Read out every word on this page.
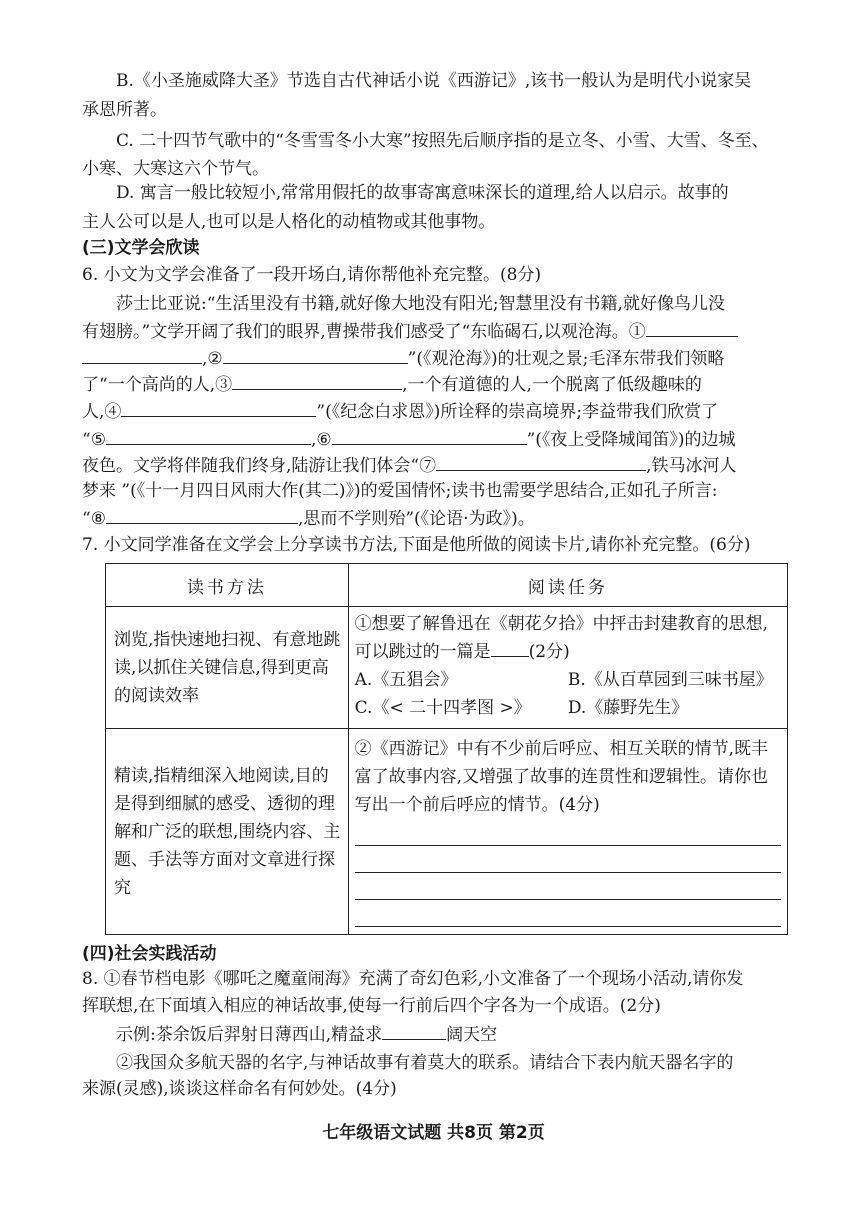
B.《小圣施威降大圣》节选自古代神话小说《西游记》,该书一般认为是明代小说家吴
承恩所著。
C. 二十四节气歌中的“冬雪雪冬小大寒”按照先后顺序指的是立冬、小雪、大雪、冬至、
小寒、大寒这六个节气。
D. 寓言一般比较短小,常常用假托的故事寄寓意味深长的道理,给人以启示。故事的
主人公可以是人,也可以是人格化的动植物或其他事物。
(三)文学会欣读
6. 小文为文学会准备了一段开场白,请你帮他补充完整。(8分)
莎士比亚说:“生活里没有书籍,就好像大地没有阳光;智慧里没有书籍,就好像鸟儿没
有翅膀。”文学开阔了我们的眼界,曹操带我们感受了“东临碣石,以观沧海。①
,②	”(《观沧海》)的壮观之景;毛泽东带我们领略
了“一个高尚的人,③	,一个有道德的人,一个脱离了低级趣味的
人,④	”(《纪念白求恩》)所诠释的崇高境界;李益带我们欣赏了
“⑤	,⑥	”(《夜上受降城闻笛》)的边城
夜色。文学将伴随我们终身,陆游让我们体会“⑦	,铁马冰河人
梦来 ”(《十一月四日风雨大作(其二)》)的爱国情怀;读书也需要学思结合,正如孔子所言:
“⑧	,思而不学则殆”(《论语·为政》)。
7. 小文同学准备在文学会上分享读书方法,下面是他所做的阅读卡片,请你补充完整。(6分)
读书方法	阅读任务
浏览,指快速地扫视、有意地跳读,以抓住关键信息,得到更高的阅读效率	①想要了解鲁迅在《朝花夕拾》中抨击封建教育的思想,可以跳过的一篇是 (2分)
A.《五猖会》 B.《从百草园到三味书屋》
C.《< 二十四孝图 >》 D.《藤野先生》

精读,指精细深入地阅读,目的是得到细腻的感受、透彻的理解和广泛的联想,围绕内容、主题、手法等方面对文章进行探究	②《西游记》中有不少前后呼应、相互关联的情节,既丰富了故事内容,又增强了故事的连贯性和逻辑性。请你也写出一个前后呼应的情节。(4分)
(四)社会实践活动
8. ①春节档电影《哪吒之魔童闹海》充满了奇幻色彩,小文准备了一个现场小活动,请你发
挥联想,在下面填入相应的神话故事,使每一行前后四个字各为一个成语。(2分)
示例:茶余饭后羿射日薄西山,精益求	阔天空
②我国众多航天器的名字,与神话故事有着莫大的联系。请结合下表内航天器名字的
来源(灵感),谈谈这样命名有何妙处。(4分)
七年级语文试题 共8页 第2页
